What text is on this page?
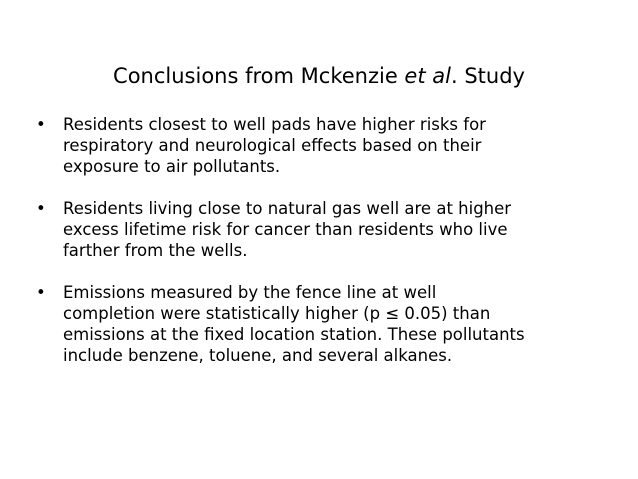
Conclusions from Mckenzie et al. Study
• Residents closest to well pads have higher risks for
respiratory and neurological effects based on their
exposure to air pollutants.
• Residents living close to natural gas well are at higher
excess lifetime risk for cancer than residents who live
farther from the wells.
• Emissions measured by the fence line at well
completion were statistically higher (p ≤ 0.05) than
emissions at the fixed location station. These pollutants
include benzene, toluene, and several alkanes.
